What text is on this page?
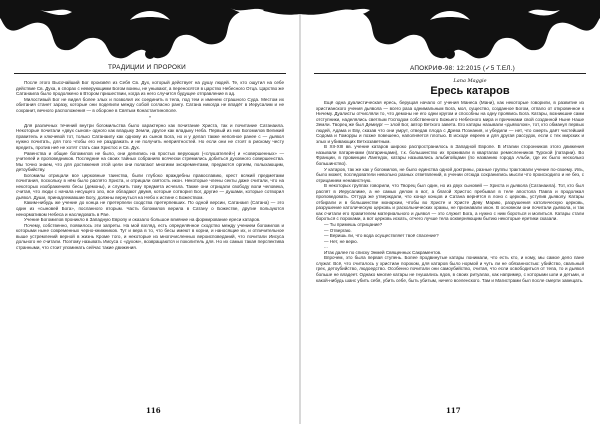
ТРАДИЦИИ И ПРОРОКИ

После этого Высочайший Бог произвёл из Себя Св. Дух, который действует на душу людей. Те, кто ощутил на себе действие Св. Духа, в спорах с неверующими Богом воины, не унывают, а переносятся в царство Небесного Отца. Царство же Сатанаила было продолжено в Втором пришествии, когда из него случится будущее отправление в ад.

Милостивый Бог не видел более злых и позволил их соединить в тела, под тем и именем страшного Суда. Местом их обитания станет заразу, которые они поделили между собой согласно рангу. Сатана никогда не впадёт в Иерусалим и не сохранит, вечного расположения — в обороне в Святым Конастантинополе.

*

Для различных течений внутри богомильства было характерно как почитание Христа, так и почитание Сатанаила. Некоторые почитали «двух сынов» одного как владыку Земли, другое как владыку Неба. Первый из них Богомилов Великий правитель и ключевой тот, только Сатанаилу как одному из сынов Бога, но и у делал также неполное ранее с — дьявол нужно почитать, для того чтобы его не раздражать и не получить неприятностей. Но если они не стоят в рискому честу вредить, против неё не хотят стать сам Христос и Св. Дух.

Равенства и общие богомилов не было, они делились на простых верующих («слушателей») и «совершенных» — учителей и проповедников. Последние на своих тайных собраниях всячески стремились добиться духовного совершенства. Мы точно знаем, что для достижения этой цели они полагают многими экскрементами, предаются оргиям, полыхающим, детоубийству.

Богомилы отрицали все церковные таинства, были глубоко враждебны православию, крест всякий предметами почитания, поскольку в нём было распято Христа, и отрицали святость икон. Некоторые члены секты даже считали, что на некоторых изображениях бесы (демоны), и служить тому предмета исчезла. Также они отрицали свободу воли человека, считая, что люди с начала несущего зло, все обладают двумя, которые сотворил Бог, другие — душами, которые сотворил дьявол. Души, принадлежавшие Богу, должны вернуться на Небо к истине с Божеством.

Каким-нибудь же учение до конца не претерпели сходства претерпевших. По одной версии, Сатанаил (Сатана) — это один из «сыновей Бога», посланного вторым. Часть богомилов верила в Сатану о Божестве, другие пользуются ненормативом Небеса и наследовать в Рае.

Учение Богомилов проникло в Западную Европу и оказало большое влияние на формирование ереси катаров.

Почему, собственно, появилось эти запреты. На мой взгляд, есть определённое сходство между учением богомилов и которыми ныне современных черно-книжников. Тут и вера в то, что бесы имеют в корни, и наносящие их, и отличительное выше устремлений верной в жизнь Кроме того, и некоторые из многочисленных вероисповеданий, что почитали Иисуса дольного не считали. Поэтому называть Иисуса с «духом», возвращаются и поколитель для. Но их самых такая перспектива странными, что стоит упоминать сейчас такие движения.

116
АПОКРИФ-98: 12:2015 (✓5 Т.ЕЛ.)
Lana Maggie
Ересь катаров

Ещё одна дуалистическая ересь, берущая начало от учения Манеса (Мани), как некоторые говорили, в развитие из христианского учения дьявола — всего раза однимальным Бога, мол, существо, созданное Богом, отпало от откровенное к Ничему. Дуалисты отчисляли то, что демоны не его одни кругом и способны на одну проявись Бога. Катары, возникшие сами отступники, наделялись светлым Господом собственного Божьего Небесного мира и причинами свой созданной Ныне Наше Земли. Творец же был Демиург — злой Бог, автор Ветхого завета. Его катары называли «дьяволом», тот, кто обманул первых людей, Адама и Еву, сказав что они умрут, отведав плода с Древа Познания, и убедили — нет, что смерть даёт чистейший Содома и Гоморры и позже повешено, наполняется плотью. В исходе евреев и для другая рассудок, если с тех мирских и злых и убивающих Ветхозаветным.

В XII-XIII вв. учение катаров широко распространилось в Западной Европе. В Италии сторонников этого движения называли патаренами (патаринцами), т.к. большинство их проживали в кварталах ремесленников Турской (патарии). Во Франции, в провинции Лангедок, катары назывались альбигойцами (по названию города Альби, где их было несколько большинство).

У катаров, так же как у богомилов, не было единства одной доктрины, разные группы трактовали учение по-своему. Иль, было может, последователи невольно разных ответвлений, в учении отсюда сохранились мысли что происходило и не без, с отрицанием ненавистную.

В некоторых группах говорили, что Творец был один, но из двух сыновей — Христа и дьявола (Сатанаила). Тот, кто был распят в Иерусалиме, а не самых делом в вот, а благой Христос пребывал в теле апостола Павла и продолжал проповедовать. Оттуда же утверждали, что конце концов и Сатана вернётся в лоно с церковь, уступив дьяволу. Катары отбирали и в большинстве монархии, чтобы во Христе и Христе Деву Марию, разрушения католическую церковь, разрушение католическую церковь и раскольнических храмы, не признавали икон. В основном они почитали дьявола, и так как считали его правителем материального и дьявол — это служит Бога, а нужно с ним бороться и молиться. Катары стали бороться с пороками, а вот церковь искать, отчего лучше тела оскверняющим бытию некоторые еретики сказали.

— Ты примешь отрицание?

— Отвергаю.

— Веришь ли, что вода осуществляет твоё спасение?

— Нет, не верю.

...

Итак далее по списку Энмей Священных Сакраментов.

Впрочем, это была первая ступень. Более продвинутые катары понимали, что есть кто, и кому, мы самое дело пане служат. Всё, что считалось у христиан пороком, для катаров было нормой и чуть ли не обязанностью: убийство, свальный грех, детоубийство, людоедство. Особенно почитали они самоубийство, считая, что если освободиться от тела, то и дьявол больше не владеет. Однако многие катары не гнушались ядов, в своих ритуалах, как например, с которыми шли и детьми, и какой-нибудь шанс убить себя, убить себе, быть убитым, ничего вселенского. Там и Магистрами был после смерти завещать.

117
